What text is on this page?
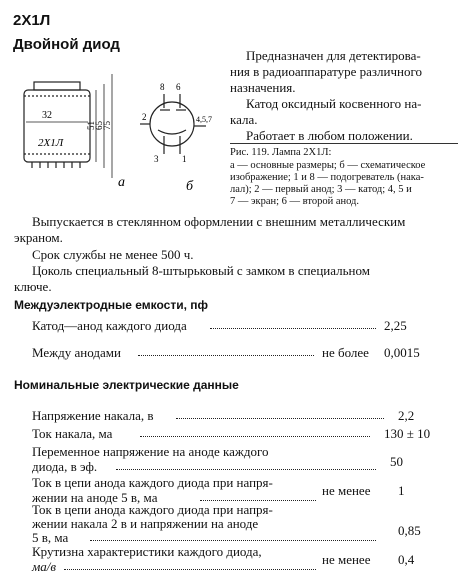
2X1Л
Двойной диод
32
2X1Л
51
65
75
а
8 6
2
3
4,5,7
1
б
Предназначен для детектирова-
ния в радиоаппаратуре различного
назначения.
Катод оксидный косвенного на-
кала.
Работает в любом положении.
Рис. 119. Лампа 2Х1Л:
а — основные размеры; б — схематическое
изображение; 1 и 8 — подогреватель (нака-
лал); 2 — первый анод; 3 — катод; 4, 5 и
7 — экран; 6 — второй анод.
Выпускается в стеклянном оформлении с внешним металлическим
экраном.
Срок службы не менее 500 ч.
Цоколь специальный 8-штырьковый с замком в специальном
ключе.
Междуэлектродные емкости, пф
Катод—анод каждого диода	2,25
Между анодами	не более 0,0015
Номинальные электрические данные
Напряжение накала, в	2,2
Ток накала, ма	130 ± 10
Переменное напряжение на аноде каждого
диода, в эф.	50
Ток в цепи анода каждого диода при напря-
жении на аноде 5 в, ма	не менее 1
Ток в цепи анода каждого диода при напря-
жении накала 2 в и напряжении на аноде
5 в, ма	0,85
Крутизна характеристики каждого диода,
ма/в	не менее 0,4
